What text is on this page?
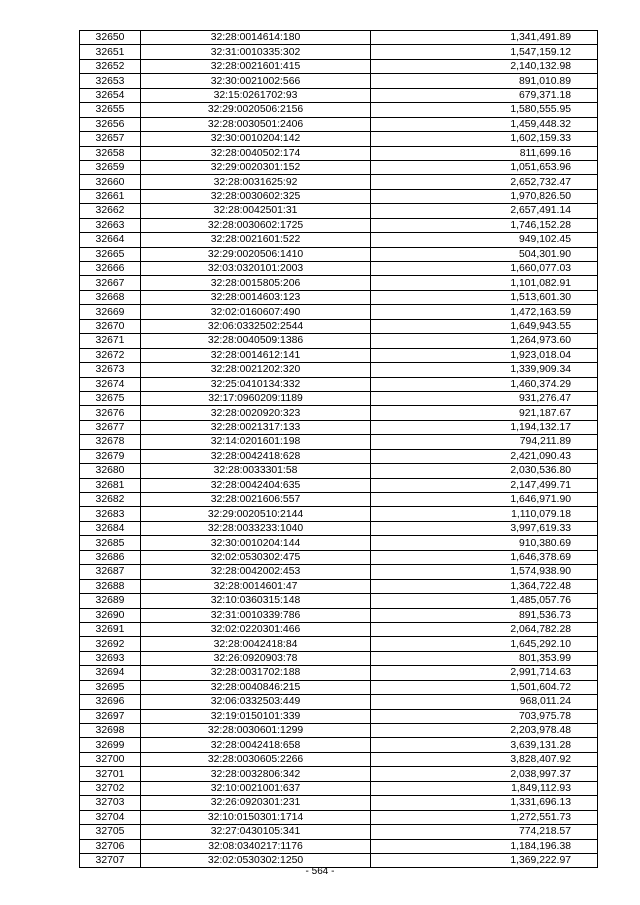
32650	32:28:0014614:180	1,341,491.89
32651	32:31:0010335:302	1,547,159.12
32652	32:28:0021601:415	2,140,132.98
32653	32:30:0021002:566	891,010.89
32654	32:15:0261702:93	679,371.18
32655	32:29:0020506:2156	1,580,555.95
32656	32:28:0030501:2406	1,459,448.32
32657	32:30:0010204:142	1,602,159.33
32658	32:28:0040502:174	811,699.16
32659	32:29:0020301:152	1,051,653.96
32660	32:28:0031625:92	2,652,732.47
32661	32:28:0030602:325	1,970,826.50
32662	32:28:0042501:31	2,657,491.14
32663	32:28:0030602:1725	1,746,152.28
32664	32:28:0021601:522	949,102.45
32665	32:29:0020506:1410	504,301.90
32666	32:03:0320101:2003	1,660,077.03
32667	32:28:0015805:206	1,101,082.91
32668	32:28:0014603:123	1,513,601.30
32669	32:02:0160607:490	1,472,163.59
32670	32:06:0332502:2544	1,649,943.55
32671	32:28:0040509:1386	1,264,973.60
32672	32:28:0014612:141	1,923,018.04
32673	32:28:0021202:320	1,339,909.34
32674	32:25:0410134:332	1,460,374.29
32675	32:17:0960209:1189	931,276.47
32676	32:28:0020920:323	921,187.67
32677	32:28:0021317:133	1,194,132.17
32678	32:14:0201601:198	794,211.89
32679	32:28:0042418:628	2,421,090.43
32680	32:28:0033301:58	2,030,536.80
32681	32:28:0042404:635	2,147,499.71
32682	32:28:0021606:557	1,646,971.90
32683	32:29:0020510:2144	1,110,079.18
32684	32:28:0033233:1040	3,997,619.33
32685	32:30:0010204:144	910,380.69
32686	32:02:0530302:475	1,646,378.69
32687	32:28:0042002:453	1,574,938.90
32688	32:28:0014601:47	1,364,722.48
32689	32:10:0360315:148	1,485,057.76
32690	32:31:0010339:786	891,536.73
32691	32:02:0220301:466	2,064,782.28
32692	32:28:0042418:84	1,645,292.10
32693	32:26:0920903:78	801,353.99
32694	32:28:0031702:188	2,991,714.63
32695	32:28:0040846:215	1,501,604.72
32696	32:06:0332503:449	968,011.24
32697	32:19:0150101:339	703,975.78
32698	32:28:0030601:1299	2,203,978.48
32699	32:28:0042418:658	3,639,131.28
32700	32:28:0030605:2266	3,828,407.92
32701	32:28:0032806:342	2,038,997.37
32702	32:10:0021001:637	1,849,112.93
32703	32:26:0920301:231	1,331,696.13
32704	32:10:0150301:1714	1,272,551.73
32705	32:27:0430105:341	774,218.57
32706	32:08:0340217:1176	1,184,196.38
32707	32:02:0530302:1250	1,369,222.97
- 564 -
